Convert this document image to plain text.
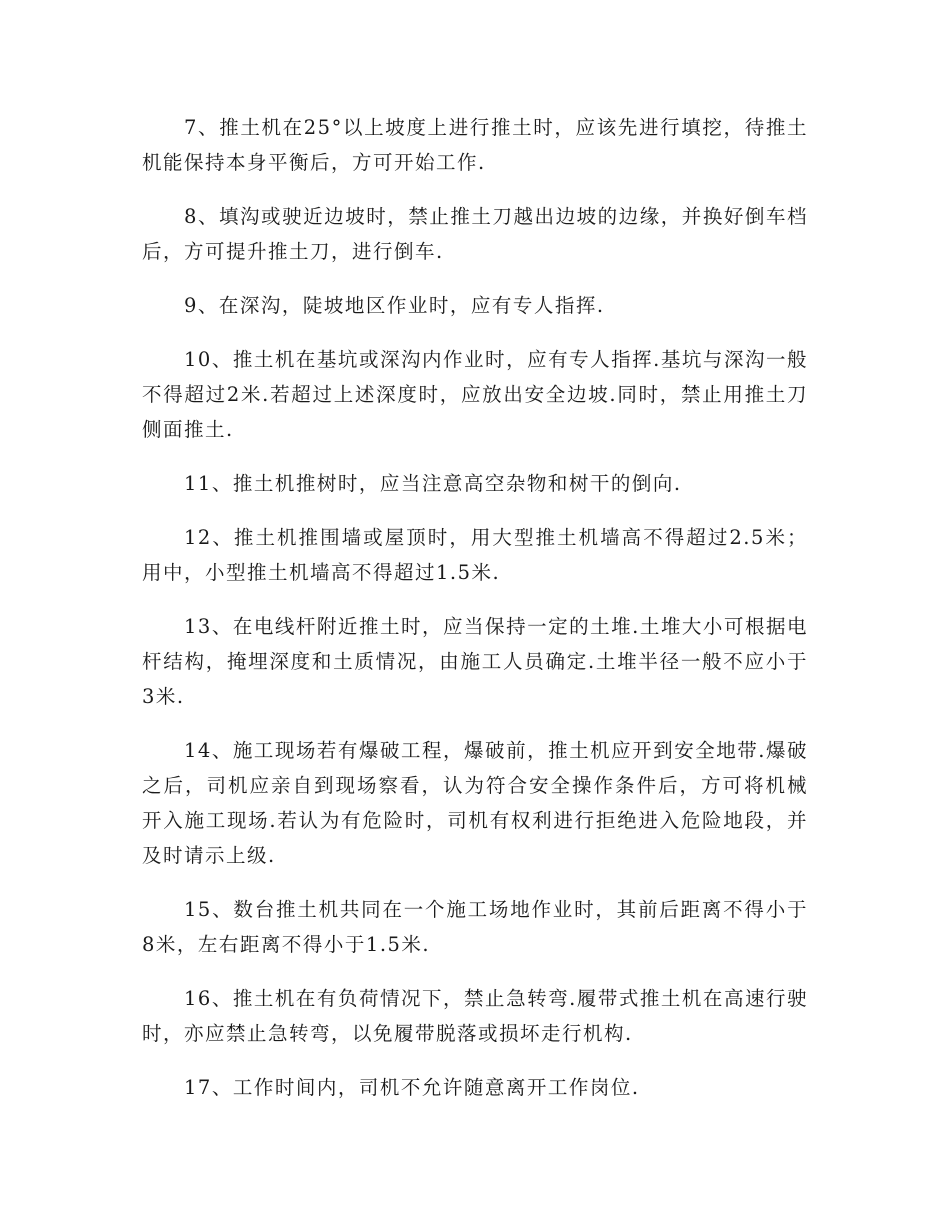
7、推土机在25°以上坡度上进行推土时，应该先进行填挖，待推土机能保持本身平衡后，方可开始工作.

8、填沟或驶近边坡时，禁止推土刀越出边坡的边缘，并换好倒车档后，方可提升推土刀，进行倒车.

9、在深沟，陡坡地区作业时，应有专人指挥.

10、推土机在基坑或深沟内作业时，应有专人指挥.基坑与深沟一般不得超过2米.若超过上述深度时，应放出安全边坡.同时，禁止用推土刀侧面推土.

11、推土机推树时，应当注意高空杂物和树干的倒向.

12、推土机推围墙或屋顶时，用大型推土机墙高不得超过2.5米；用中，小型推土机墙高不得超过1.5米.

13、在电线杆附近推土时，应当保持一定的土堆.土堆大小可根据电杆结构，掩埋深度和土质情况，由施工人员确定.土堆半径一般不应小于3米.

14、施工现场若有爆破工程，爆破前，推土机应开到安全地带.爆破之后，司机应亲自到现场察看，认为符合安全操作条件后，方可将机械开入施工现场.若认为有危险时，司机有权利进行拒绝进入危险地段，并及时请示上级.

15、数台推土机共同在一个施工场地作业时，其前后距离不得小于8米，左右距离不得小于1.5米.

16、推土机在有负荷情况下，禁止急转弯.履带式推土机在高速行驶时，亦应禁止急转弯，以免履带脱落或损坏走行机构.

17、工作时间内，司机不允许随意离开工作岗位.
